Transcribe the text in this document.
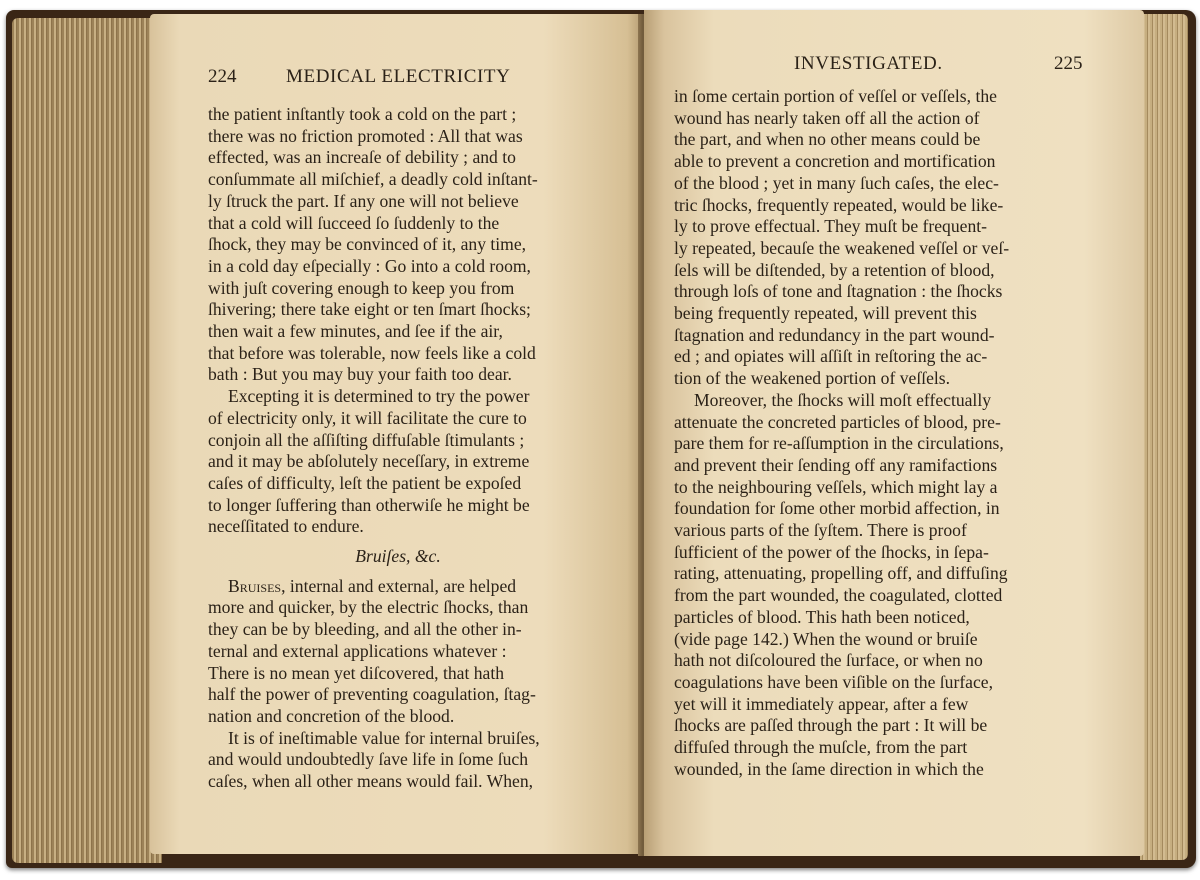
224	MEDICAL ELECTRICITY
the patient inſtantly took a cold on the part ;
there was no friction promoted : All that was
effected, was an increaſe of debility ; and to
conſummate all miſchief, a deadly cold inſtant-
ly ſtruck the part. If any one will not believe
that a cold will ſucceed ſo ſuddenly to the
ſhock, they may be convinced of it, any time,
in a cold day eſpecially : Go into a cold room,
with juſt covering enough to keep you from
ſhivering; there take eight or ten ſmart ſhocks;
then wait a few minutes, and ſee if the air,
that before was tolerable, now feels like a cold
bath : But you may buy your faith too dear.
Excepting it is determined to try the power
of electricity only, it will facilitate the cure to
conjoin all the aſſiſting diffuſable ſtimulants ;
and it may be abſolutely neceſſary, in extreme
caſes of difficulty, leſt the patient be expoſed
to longer ſuffering than otherwiſe he might be
neceſſitated to endure.
Bruiſes, &c.
Bruises, internal and external, are helped
more and quicker, by the electric ſhocks, than
they can be by bleeding, and all the other in-
ternal and external applications whatever :
There is no mean yet diſcovered, that hath
half the power of preventing coagulation, ſtag-
nation and concretion of the blood.
It is of ineſtimable value for internal bruiſes,
and would undoubtedly ſave life in ſome ſuch
caſes, when all other means would fail. When,
INVESTIGATED.	225
in ſome certain portion of veſſel or veſſels, the
wound has nearly taken off all the action of
the part, and when no other means could be
able to prevent a concretion and mortification
of the blood ; yet in many ſuch caſes, the elec-
tric ſhocks, frequently repeated, would be like-
ly to prove effectual. They muſt be frequent-
ly repeated, becauſe the weakened veſſel or veſ-
ſels will be diſtended, by a retention of blood,
through loſs of tone and ſtagnation : the ſhocks
being frequently repeated, will prevent this
ſtagnation and redundancy in the part wound-
ed ; and opiates will aſſiſt in reſtoring the ac-
tion of the weakened portion of veſſels.
Moreover, the ſhocks will moſt effectually
attenuate the concreted particles of blood, pre-
pare them for re-aſſumption in the circulations,
and prevent their ſending off any ramifactions
to the neighbouring veſſels, which might lay a
foundation for ſome other morbid affection, in
various parts of the ſyſtem. There is proof
ſufficient of the power of the ſhocks, in ſepa-
rating, attenuating, propelling off, and diffuſing
from the part wounded, the coagulated, clotted
particles of blood. This hath been noticed,
(vide page 142.) When the wound or bruiſe
hath not diſcoloured the ſurface, or when no
coagulations have been viſible on the ſurface,
yet will it immediately appear, after a few
ſhocks are paſſed through the part : It will be
diffuſed through the muſcle, from the part
wounded, in the ſame direction in which the
